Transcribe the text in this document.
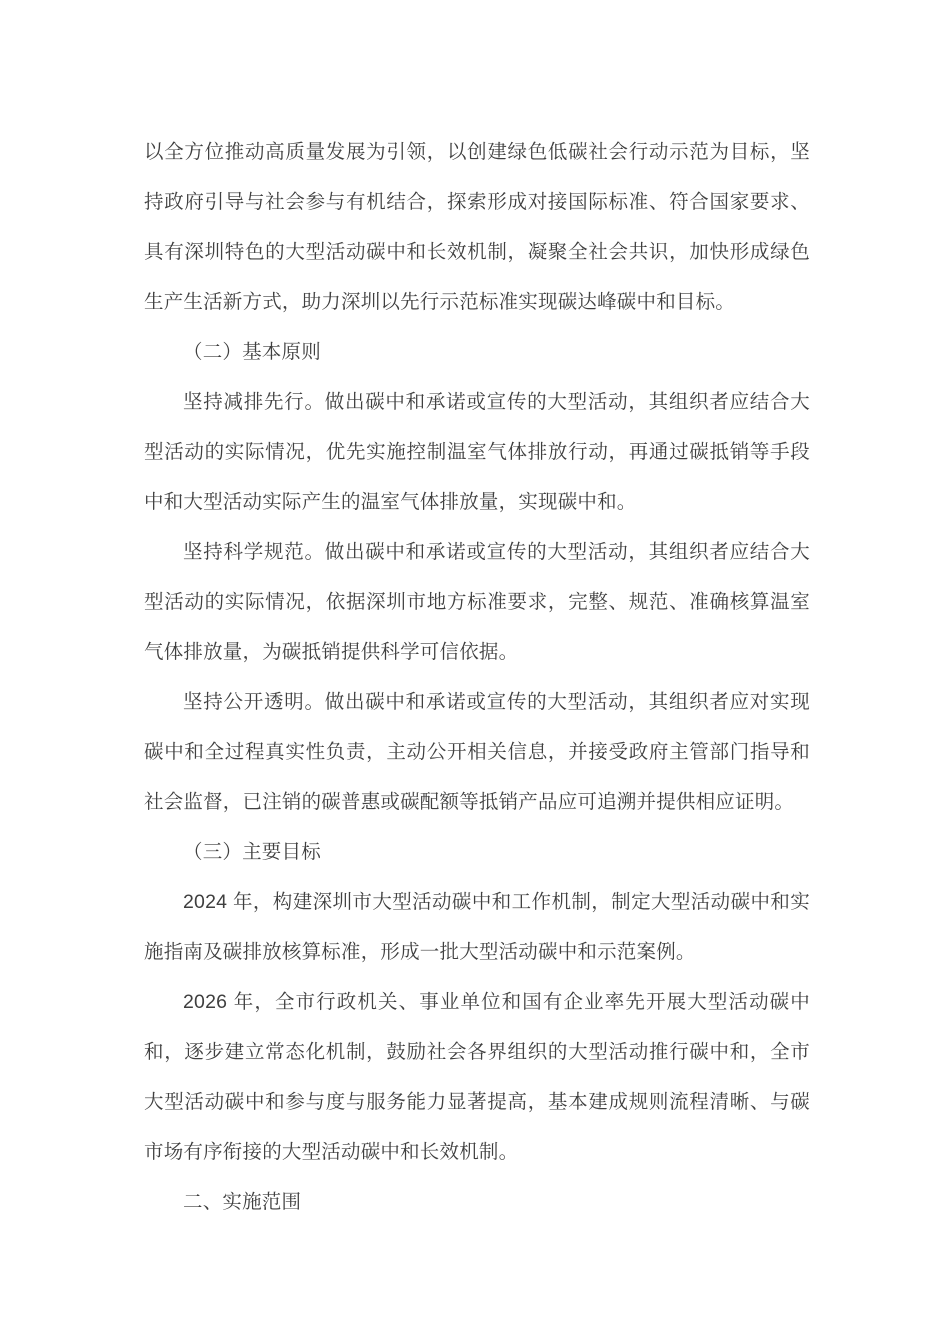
以全方位推动高质量发展为引领，以创建绿色低碳社会行动示范为目标，坚持政府引导与社会参与有机结合，探索形成对接国际标准、符合国家要求、具有深圳特色的大型活动碳中和长效机制，凝聚全社会共识，加快形成绿色生产生活新方式，助力深圳以先行示范标准实现碳达峰碳中和目标。

（二）基本原则

坚持减排先行。做出碳中和承诺或宣传的大型活动，其组织者应结合大型活动的实际情况，优先实施控制温室气体排放行动，再通过碳抵销等手段中和大型活动实际产生的温室气体排放量，实现碳中和。

坚持科学规范。做出碳中和承诺或宣传的大型活动，其组织者应结合大型活动的实际情况，依据深圳市地方标准要求，完整、规范、准确核算温室气体排放量，为碳抵销提供科学可信依据。

坚持公开透明。做出碳中和承诺或宣传的大型活动，其组织者应对实现碳中和全过程真实性负责，主动公开相关信息，并接受政府主管部门指导和社会监督，已注销的碳普惠或碳配额等抵销产品应可追溯并提供相应证明。

（三）主要目标

2024 年，构建深圳市大型活动碳中和工作机制，制定大型活动碳中和实施指南及碳排放核算标准，形成一批大型活动碳中和示范案例。

2026 年，全市行政机关、事业单位和国有企业率先开展大型活动碳中和，逐步建立常态化机制，鼓励社会各界组织的大型活动推行碳中和，全市大型活动碳中和参与度与服务能力显著提高，基本建成规则流程清晰、与碳市场有序衔接的大型活动碳中和长效机制。

二、实施范围
